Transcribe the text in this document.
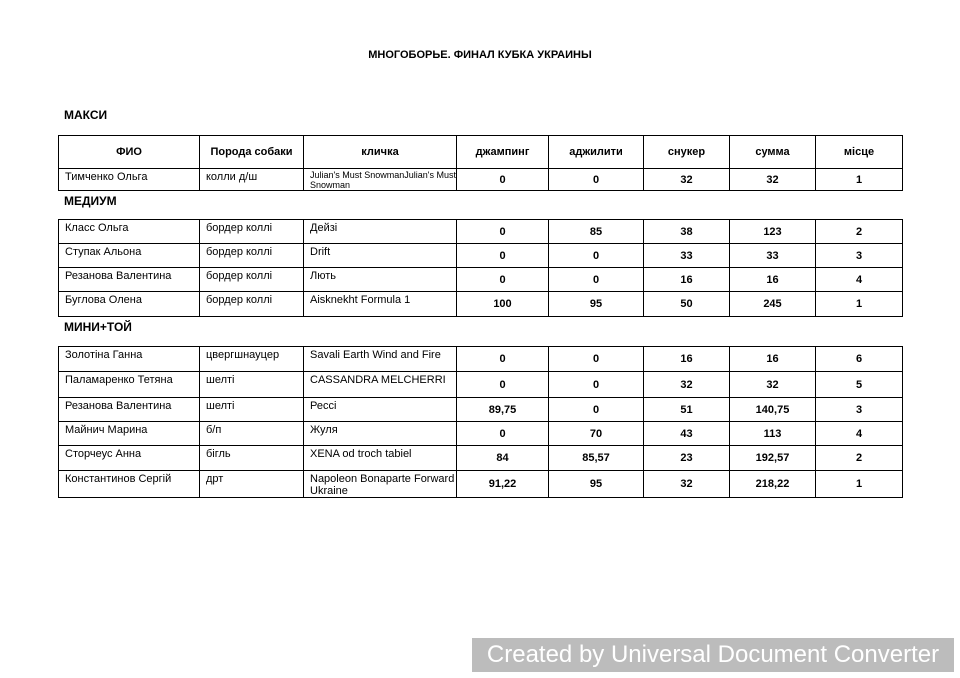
МНОГОБОРЬЕ. ФИНАЛ КУБКА УКРАИНЫ
МАКСИ
ФИО	Порода собаки	кличка	джампинг	аджилити	снукер	сумма	місце
Тимченко Ольга	колли д/ш	Julian's Must SnowmanJulian's Must Snowman	0	0	32	32	1
МЕДИУМ
Класс Ольга	бордер коллі	Дейзі	0	85	38	123	2
Ступак Альона	бордер коллі	Drift	0	0	33	33	3
Резанова Валентина	бордер коллі	Лють	0	0	16	16	4
Буглова Олена	бордер коллі	Aisknekht Formula 1	100	95	50	245	1
МИНИ+ТОЙ
Золотіна Ганна	цвергшнауцер	Savali Earth Wind and Fire	0	0	16	16	6
Паламаренко Тетяна	шелті	CASSANDRA MELCHERRI	0	0	32	32	5
Резанова Валентина	шелті	Рессі	89,75	0	51	140,75	3
Майнич Марина	б/п	Жуля	0	70	43	113	4
Сторчеус Анна	бігль	XENA od troch tabiel	84	85,57	23	192,57	2
Константинов Сергій	дрт	Napoleon Bonaparte Forward Ukraine	91,22	95	32	218,22	1
Created by Universal Document Converter
